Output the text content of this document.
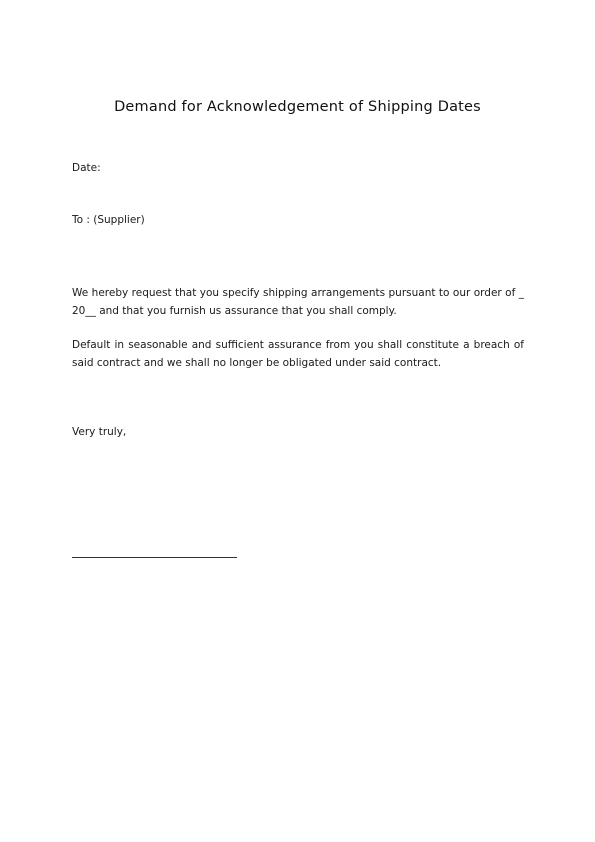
Demand for Acknowledgement of Shipping Dates
Date:
To : (Supplier)
We hereby request that you specify shipping arrangements pursuant to our order of _ 20__ and that you furnish us assurance that you shall comply.
Default in seasonable and sufficient assurance from you shall constitute a breach of said contract and we shall no longer be obligated under said contract.
Very truly,
